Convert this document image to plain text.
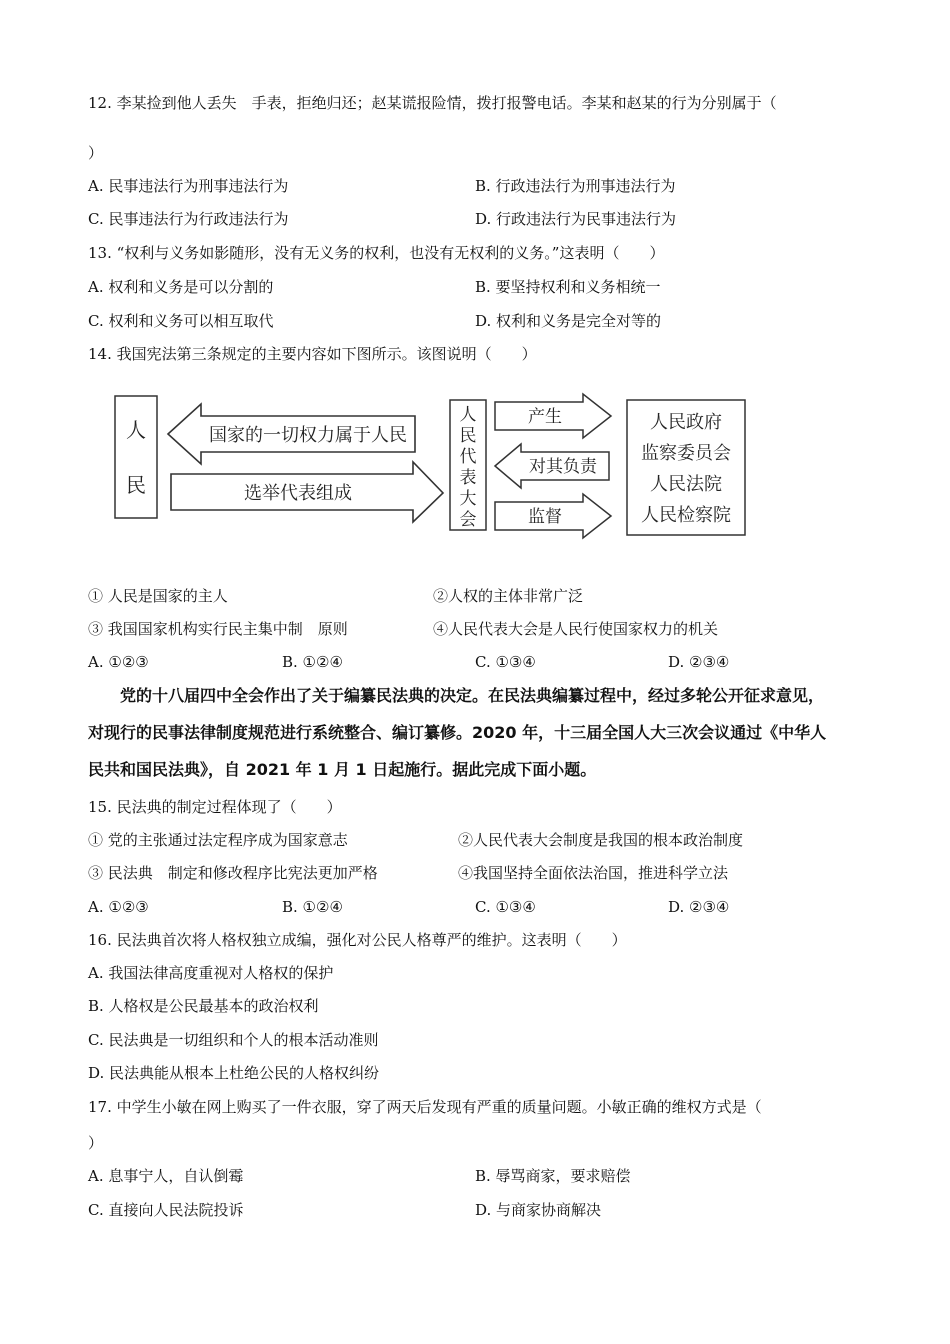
12. 李某捡到他人丢失　手表，拒绝归还；赵某谎报险情，拨打报警电话。李某和赵某的行为分别属于（
）
A. 民事违法行为刑事违法行为	B. 行政违法行为刑事违法行为
C. 民事违法行为行政违法行为	D. 行政违法行为民事违法行为
13. “权利与义务如影随形，没有无义务的权利，也没有无权利的义务。”这表明（　　）
A. 权利和义务是可以分割的	B. 要坚持权利和义务相统一
C. 权利和义务可以相互取代	D. 权利和义务是完全对等的
14. 我国宪法第三条规定的主要内容如下图所示。该图说明（　　）
人
民
国家的一切权力属于人民
选举代表组成
人
民
代
表
大
会
产生
对其负责
监督
人民政府
监察委员会
人民法院
人民检察院
① 人民是国家的主人	②人权的主体非常广泛
③ 我国国家机构实行民主集中制　原则	④人民代表大会是人民行使国家权力的机关
A. ①②③	B. ①②④	C. ①③④	D. ②③④
　　党的十八届四中全会作出了关于编纂民法典的决定。在民法典编纂过程中，经过多轮公开征求意见，
对现行的民事法律制度规范进行系统整合、编订纂修。2020 年，十三届全国人大三次会议通过《中华人
民共和国民法典》，自 2021 年 1 月 1 日起施行。据此完成下面小题。
15. 民法典的制定过程体现了（　　）
① 党的主张通过法定程序成为国家意志	②人民代表大会制度是我国的根本政治制度
③ 民法典　制定和修改程序比宪法更加严格	④我国坚持全面依法治国，推进科学立法
A. ①②③	B. ①②④	C. ①③④	D. ②③④
16. 民法典首次将人格权独立成编，强化对公民人格尊严的维护。这表明（　　）
A. 我国法律高度重视对人格权的保护
B. 人格权是公民最基本的政治权利
C. 民法典是一切组织和个人的根本活动准则
D. 民法典能从根本上杜绝公民的人格权纠纷
17. 中学生小敏在网上购买了一件衣服，穿了两天后发现有严重的质量问题。小敏正确的维权方式是（
）
A. 息事宁人，自认倒霉	B. 辱骂商家，要求赔偿
C. 直接向人民法院投诉	D. 与商家协商解决
